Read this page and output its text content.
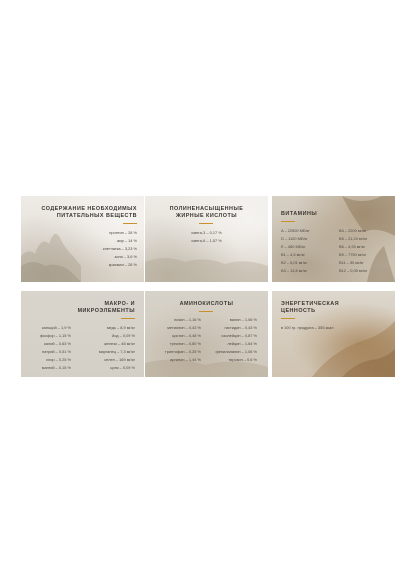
СОДЕРЖАНИЕ НЕОБХОДИМЫХ
ПИТАТЕЛЬНЫХ ВЕЩЕСТВ
протеин – 28 %
жир – 14 %
клетчатка – 3,23 %
зола – 3,6 %
крахмал – 28 %
ПОЛИНЕНАСЫЩЕННЫЕ
ЖИРНЫЕ КИСЛОТЫ
омега-3 – 0,17 %
омега-6 – 1,57 %
ВИТАМИНЫ
A – 22500 МЕ/кг
D – 1100 МЕ/кг
E – 460 МЕ/кг
B1 – 4,5 мг/кг
B2 – 5,01 мг/кг
B3 – 13,8 мг/кг
B4 – 2200 мг/кг
B5 – 21,24 мг/кг
B6 – 4,93 мг/кг
B9 – 7750 мг/кг
B11 – 50 мг/кг
B12 – 0,05 мг/кг
МАКРО- И
МИКРОЭЛЕМЕНТЫ
кальций – 1,9 %
фосфор – 1,15 %
калий – 0,63 %
натрий – 0,51 %
хлор – 0,25 %
магний – 0,15 %
медь – 8,9 мг/кг
йод – 0,09 %
железо – 48 мг/кг
марганец – 7,3 мг/кг
селен – 169 мг/кг
цинк – 0,09 %
АМИНОКИСЛОТЫ
лизин – 1,16 %
метионин – 0,43 %
цистин – 0,48 %
треонин – 0,80 %
триптофан – 0,25 %
аргинин – 1,44 %
валин – 1,06 %
гистидин – 0,43 %
изолейцин – 0,87 %
лейцин – 1,64 %
фенилаланин – 1,06 %
тирозин – 0,6 %
ЭНЕРГЕТИЧЕСКАЯ
ЦЕННОСТЬ
в 100 гр. продукта – 355 ккал
